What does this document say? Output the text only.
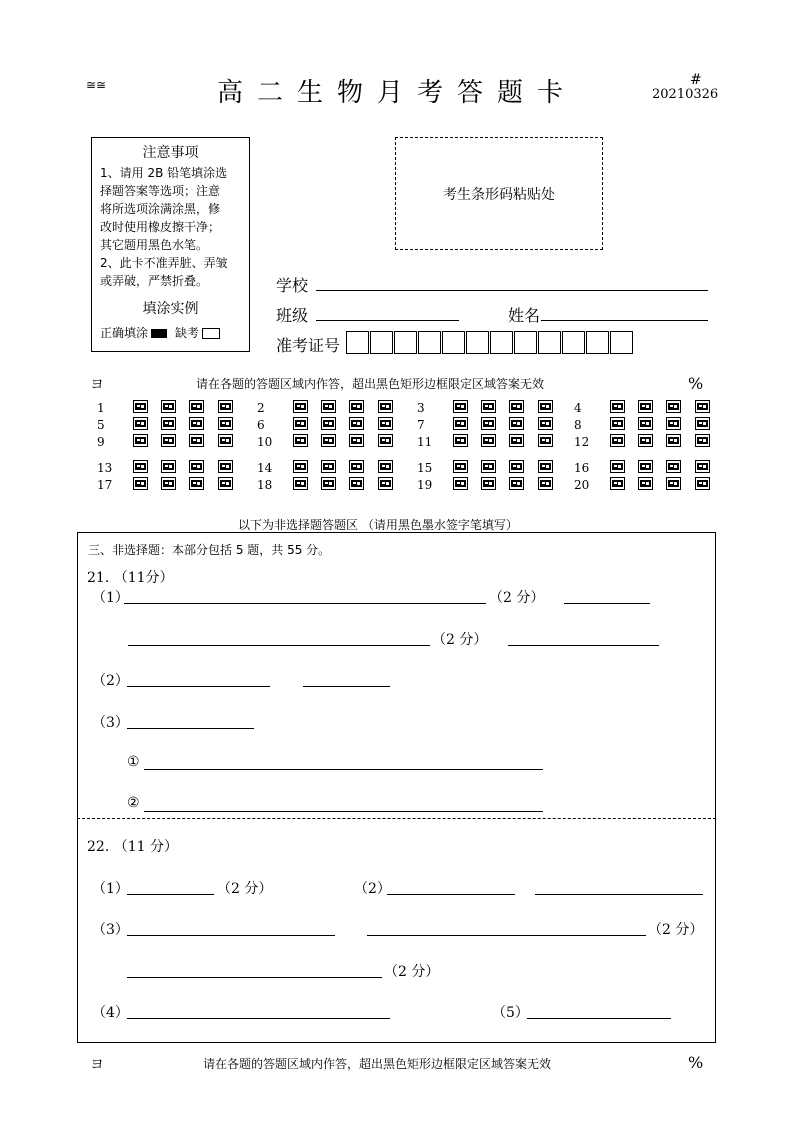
≅≅	高二生物月考答题卡	#
20210326
注意事项
1、请用 2B 铅笔填涂选
择题答案等选项；注意
将所选项涂满涂黑，修
改时使用橡皮擦干净；
其它题用黑色水笔。
2、此卡不准弄脏、弄皱
或弄破，严禁折叠。
填涂实例
正确填涂 缺考
考生条形码粘贴处
学校
班级	姓名
准考证号
ヨ	请在各题的答题区域内作答，超出黑色矩形边框限定区域答案无效	%
1	2	3	4
5	6	7	8
9	10	11	12
13	14	15	16
17	18	19	20
以下为非选择题答题区 （请用黑色墨水签字笔填写）
三、非选择题：本部分包括 5 题，共 55 分。
21. （11分）
（1）	（2 分）
（2 分）
（2）
（3）
①
②
22. （11 分）
（1）	（2 分）	（2）
（3）	（2 分）
（2 分）
（4）	（5）
ヨ	请在各题的答题区域内作答，超出黑色矩形边框限定区域答案无效	%
